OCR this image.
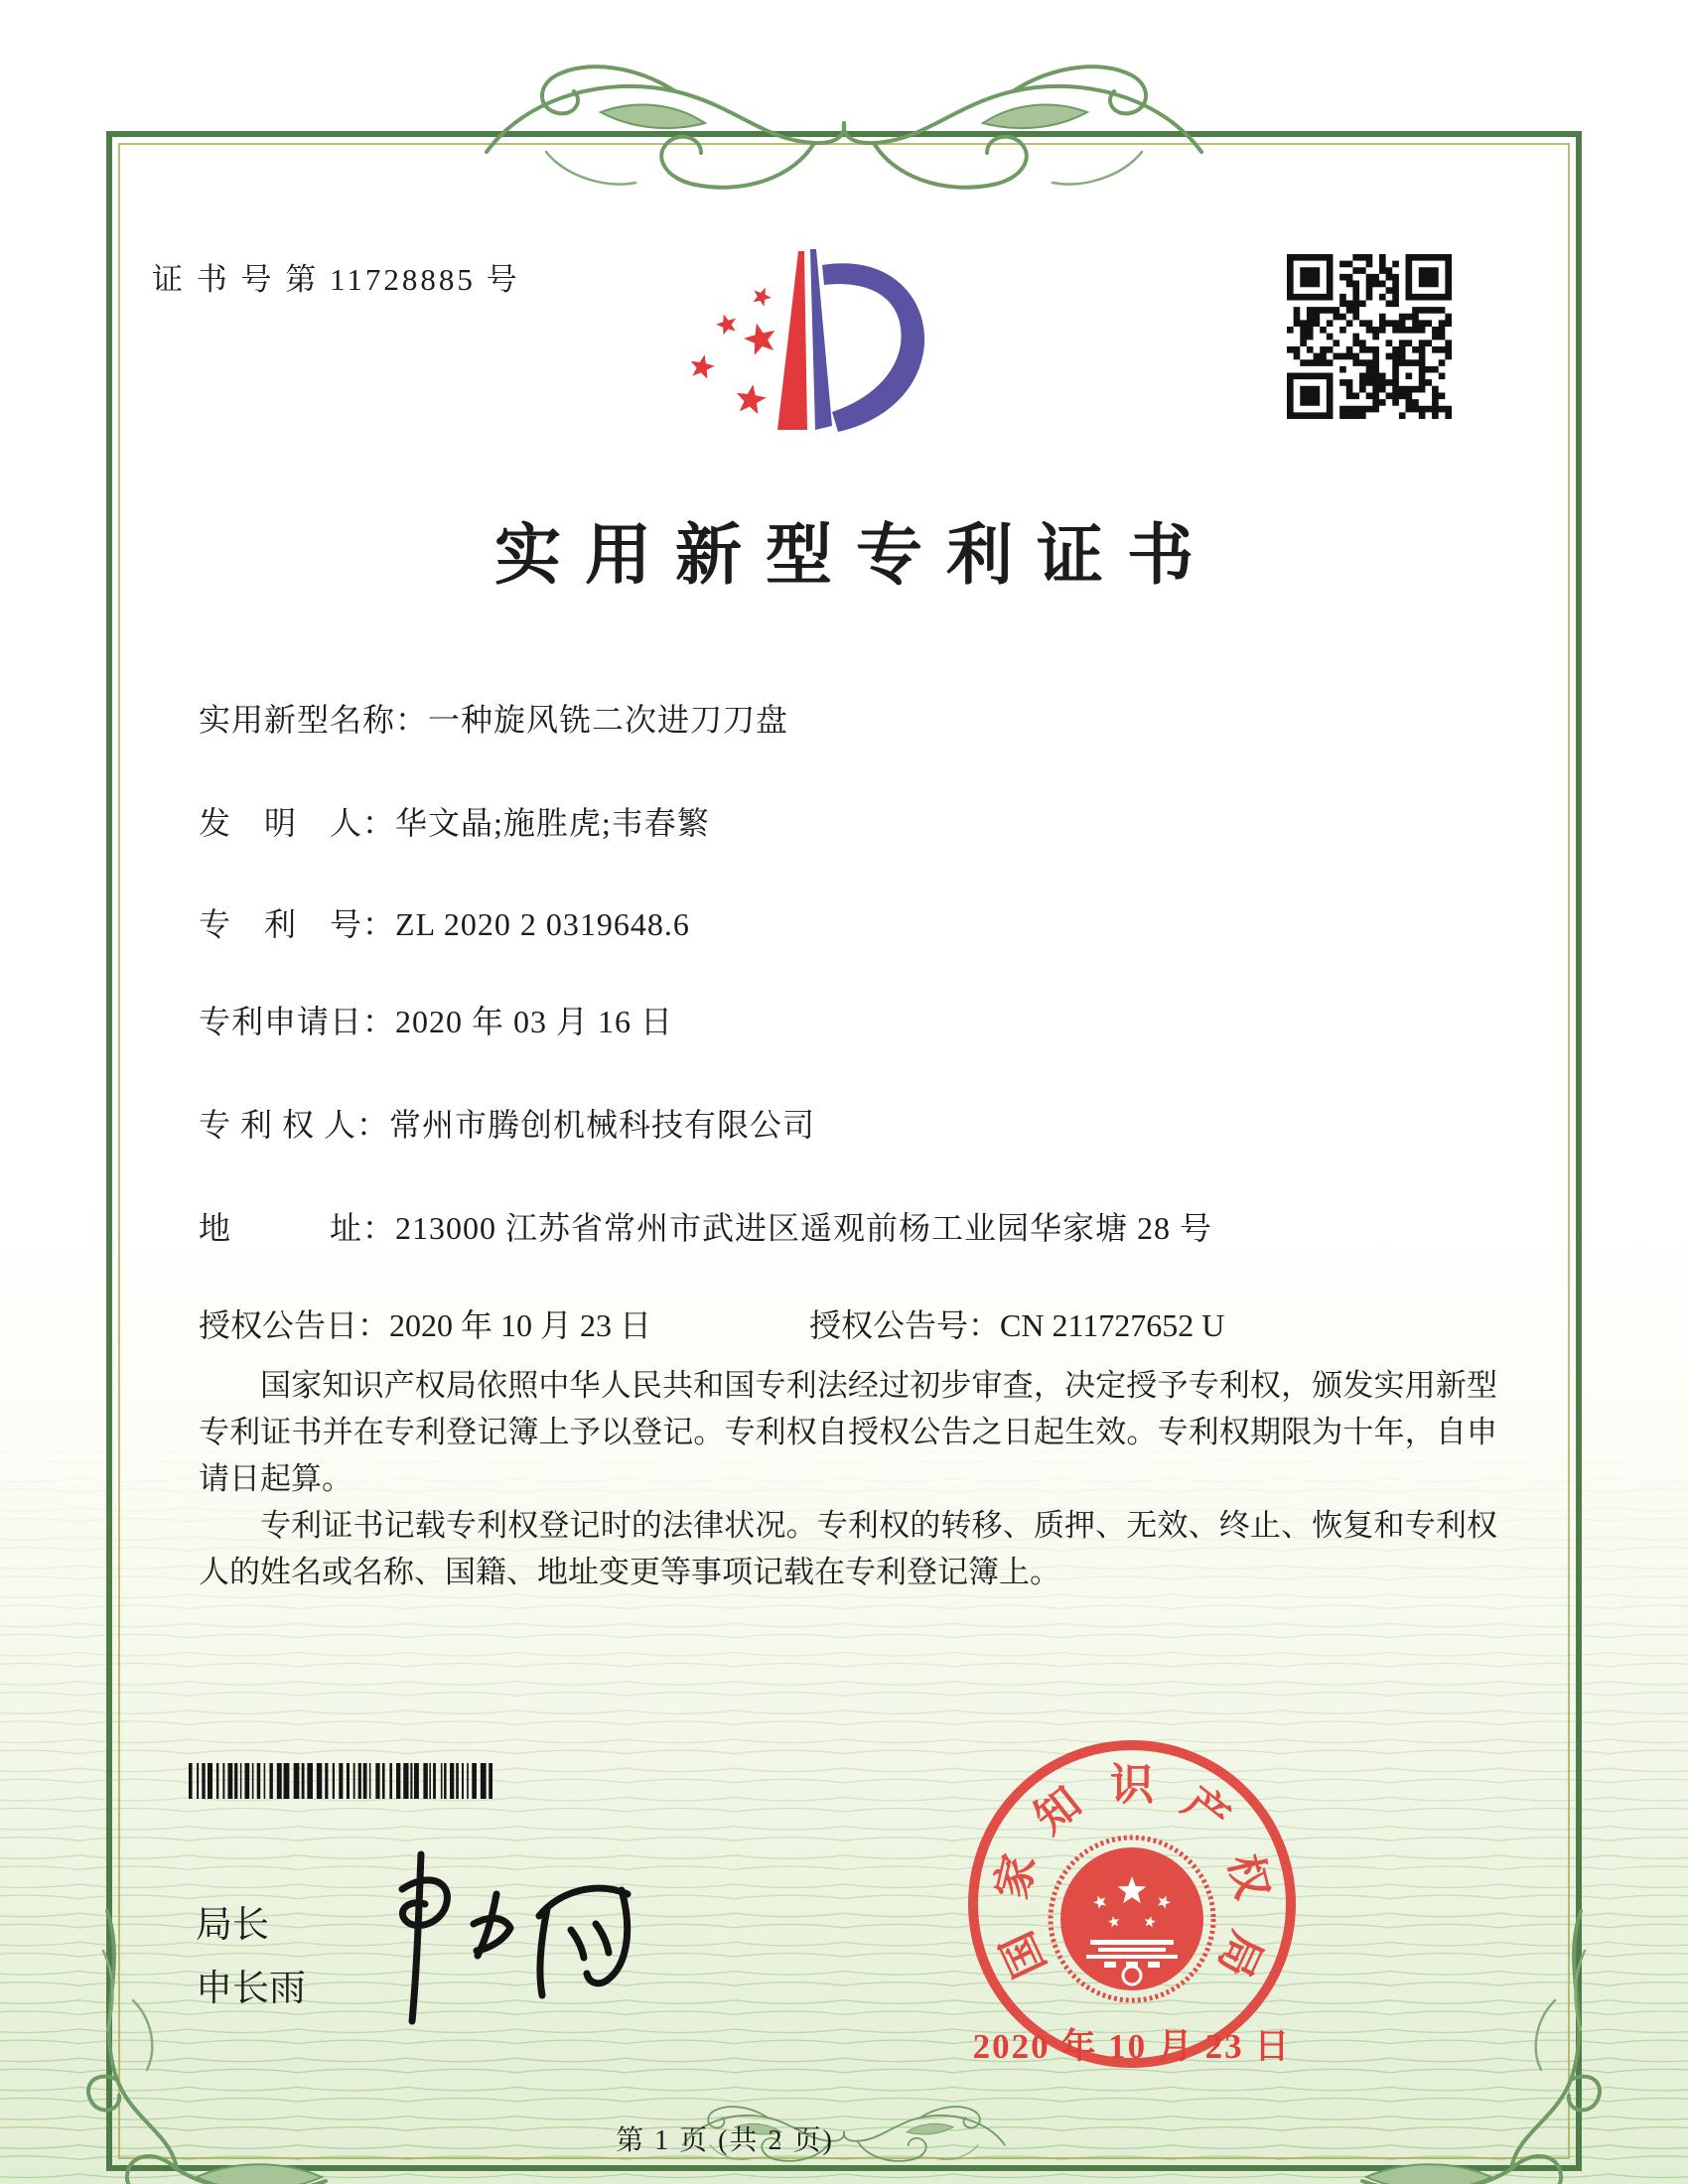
证 书 号 第 11728885 号
实用新型专利证书
实用新型名称：一种旋风铣二次进刀刀盘
发　明　人：华文晶;施胜虎;韦春繁
专　利　号：ZL 2020 2 0319648.6
专利申请日：2020 年 03 月 16 日
专 利 权 人：常州市腾创机械科技有限公司
地　　　址：213000 江苏省常州市武进区遥观前杨工业园华家塘 28 号
授权公告日：2020 年 10 月 23 日	授权公告号：CN 211727652 U

国家知识产权局依照中华人民共和国专利法经过初步审查，决定授予专利权，颁发实用新型专利证书并在专利登记簿上予以登记。专利权自授权公告之日起生效。专利权期限为十年，自申请日起算。

专利证书记载专利权登记时的法律状况。专利权的转移、质押、无效、终止、恢复和专利权人的姓名或名称、国籍、地址变更等事项记载在专利登记簿上。

局长
申长雨
国
家
知 识 产
权
局
2020 年 10 月 23 日
第 1 页 (共 2 页)
